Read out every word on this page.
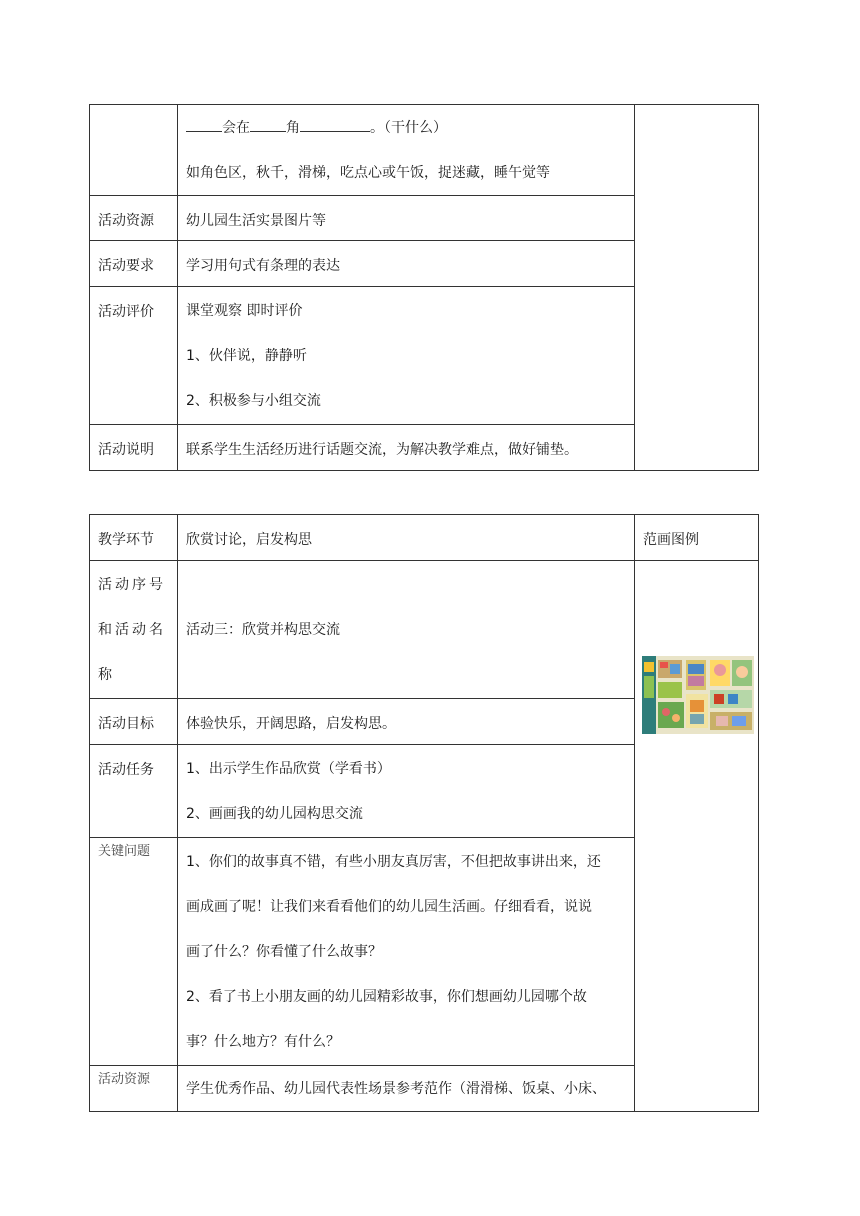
	会在 角 。（干什么）
如角色区，秋千，滑梯，吃点心或午饭，捉迷藏，睡午觉等	

活动资源	幼儿园生活实景图片等	
活动要求	学习用句式有条理的表达	
活动评价	课堂观察 即时评价
1、伙伴说，静静听
2、积极参与小组交流	

活动说明	联系学生生活经历进行话题交流，为解决教学难点，做好铺垫。	
教学环节	欣赏讨论，启发构思	范画图例

活动序号
和活动名
称	活动三：欣赏并构思交流	
活动目标	体验快乐，开阔思路，启发构思。	
活动任务	1、出示学生作品欣赏（学看书）
2、画画我的幼儿园构思交流	

关键问题	1、你们的故事真不错，有些小朋友真厉害，不但把故事讲出来，还
画成画了呢！让我们来看看他们的幼儿园生活画。仔细看看，说说
画了什么？你看懂了什么故事？
2、看了书上小朋友画的幼儿园精彩故事，你们想画幼儿园哪个故
事？什么地方？有什么？	

活动资源	学生优秀作品、幼儿园代表性场景参考范作（滑滑梯、饭桌、小床、	
